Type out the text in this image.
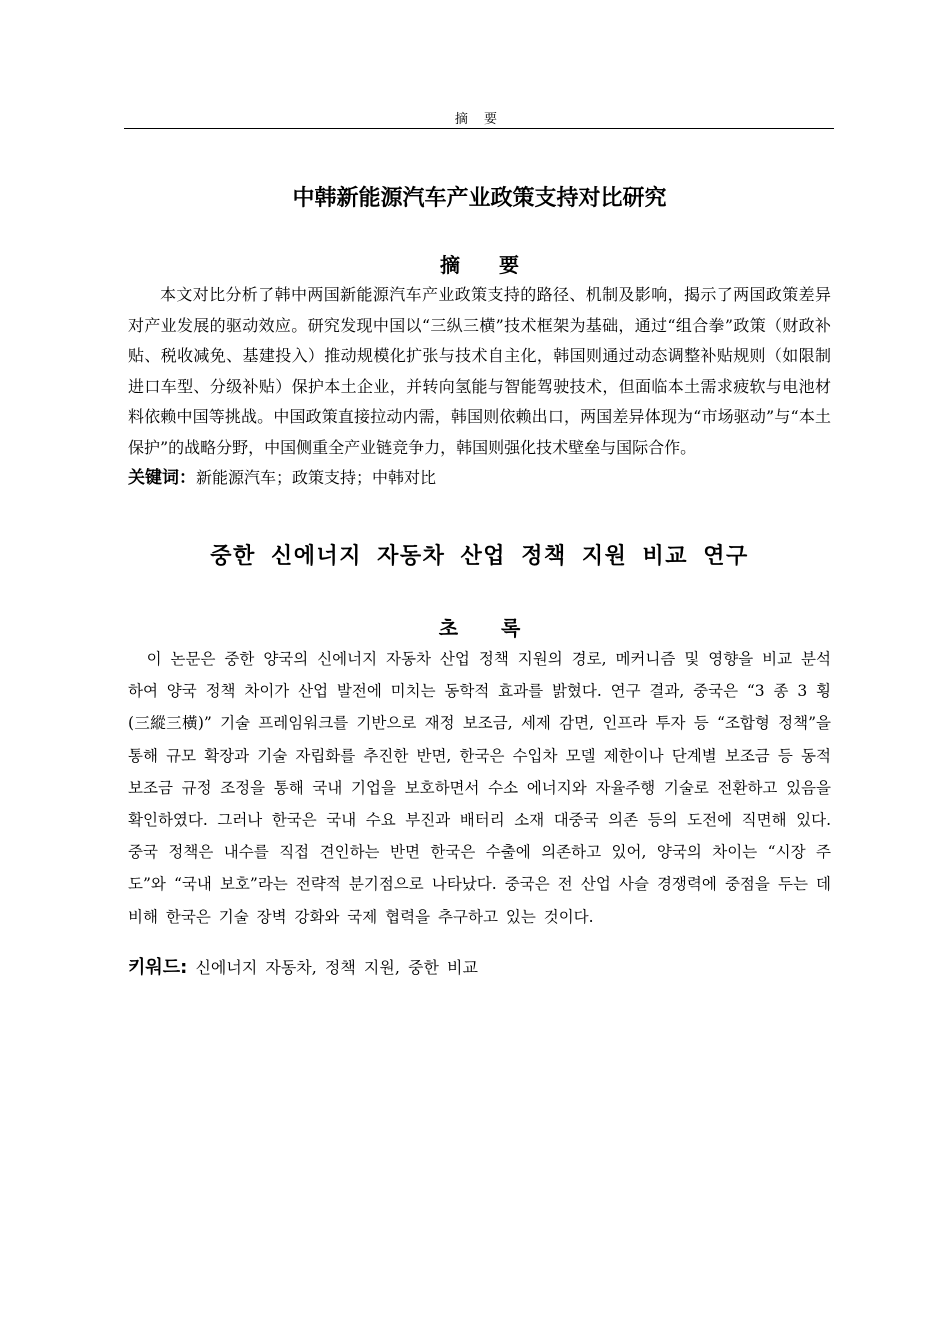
摘 要
中韩新能源汽车产业政策支持对比研究
摘 要

本文对比分析了韩中两国新能源汽车产业政策支持的路径、机制及影响，揭示了两国政策差异对产业发展的驱动效应。研究发现中国以“三纵三横”技术框架为基础，通过“组合拳”政策（财政补贴、税收减免、基建投入）推动规模化扩张与技术自主化，韩国则通过动态调整补贴规则（如限制进口车型、分级补贴）保护本土企业，并转向氢能与智能驾驶技术，但面临本土需求疲软与电池材料依赖中国等挑战。中国政策直接拉动内需，韩国则依赖出口，两国差异体现为“市场驱动”与“本土保护”的战略分野，中国侧重全产业链竞争力，韩国则强化技术壁垒与国际合作。

关键词：新能源汽车；政策支持；中韩对比

중한 신에너지 자동차 산업 정책 지원 비교 연구
초 록

이 논문은 중한 양국의 신에너지 자동차 산업 정책 지원의 경로, 메커니즘 및 영향을 비교 분석하여 양국 정책 차이가 산업 발전에 미치는 동학적 효과를 밝혔다. 연구 결과, 중국은 “3 종 3 횡(三縱三橫)” 기술 프레임워크를 기반으로 재정 보조금, 세제 감면, 인프라 투자 등 “조합형 정책”을 통해 규모 확장과 기술 자립화를 추진한 반면, 한국은 수입차 모델 제한이나 단계별 보조금 등 동적 보조금 규정 조정을 통해 국내 기업을 보호하면서 수소 에너지와 자율주행 기술로 전환하고 있음을 확인하였다. 그러나 한국은 국내 수요 부진과 배터리 소재 대중국 의존 등의 도전에 직면해 있다. 중국 정책은 내수를 직접 견인하는 반면 한국은 수출에 의존하고 있어, 양국의 차이는 “시장 주도”와 “국내 보호”라는 전략적 분기점으로 나타났다. 중국은 전 산업 사슬 경쟁력에 중점을 두는 데 비해 한국은 기술 장벽 강화와 국제 협력을 추구하고 있는 것이다.

키워드: 신에너지 자동차, 정책 지원, 중한 비교
